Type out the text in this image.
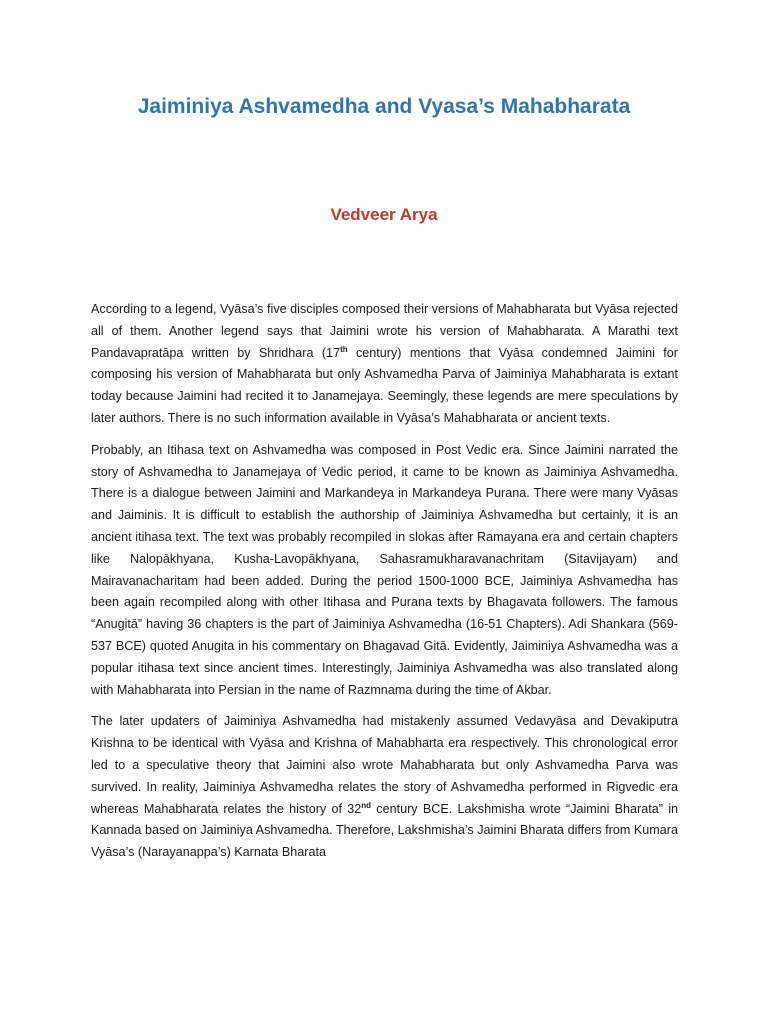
Jaiminiya Ashvamedha and Vyasa’s Mahabharata
Vedveer Arya

According to a legend, Vyāsa’s five disciples composed their versions of Mahabharata but Vyāsa rejected all of them. Another legend says that Jaimini wrote his version of Mahabharata. A Marathi text Pandavapratāpa written by Shridhara (17th century) mentions that Vyāsa condemned Jaimini for composing his version of Mahabharata but only Ashvamedha Parva of Jaiminiya Mahabharata is extant today because Jaimini had recited it to Janamejaya. Seemingly, these legends are mere speculations by later authors. There is no such information available in Vyāsa’s Mahabharata or ancient texts.

Probably, an Itihasa text on Ashvamedha was composed in Post Vedic era. Since Jaimini narrated the story of Ashvamedha to Janamejaya of Vedic period, it came to be known as Jaiminiya Ashvamedha. There is a dialogue between Jaimini and Markandeya in Markandeya Purana. There were many Vyāsas and Jaiminis. It is difficult to establish the authorship of Jaiminiya Ashvamedha but certainly, it is an ancient itihasa text. The text was probably recompiled in slokas after Ramayana era and certain chapters like Nalopākhyana, Kusha-Lavopākhyana, Sahasramukharavanachritam (Sitavijayam) and Mairavanacharitam had been added. During the period 1500-1000 BCE, Jaiminiya Ashvamedha has been again recompiled along with other Itihasa and Purana texts by Bhagavata followers. The famous “Anugitā” having 36 chapters is the part of Jaiminiya Ashvamedha (16-51 Chapters). Adi Shankara (569-537 BCE) quoted Anugita in his commentary on Bhagavad Gitā. Evidently, Jaiminiya Ashvamedha was a popular itihasa text since ancient times. Interestingly, Jaiminiya Ashvamedha was also translated along with Mahabharata into Persian in the name of Razmnama during the time of Akbar.

The later updaters of Jaiminiya Ashvamedha had mistakenly assumed Vedavyāsa and Devakiputra Krishna to be identical with Vyāsa and Krishna of Mahabharta era respectively. This chronological error led to a speculative theory that Jaimini also wrote Mahabharata but only Ashvamedha Parva was survived. In reality, Jaiminiya Ashvamedha relates the story of Ashvamedha performed in Rigvedic era whereas Mahabharata relates the history of 32nd century BCE. Lakshmisha wrote “Jaimini Bharata” in Kannada based on Jaiminiya Ashvamedha. Therefore, Lakshmisha’s Jaimini Bharata differs from Kumara Vyāsa’s (Narayanappa’s) Karnata Bharata
